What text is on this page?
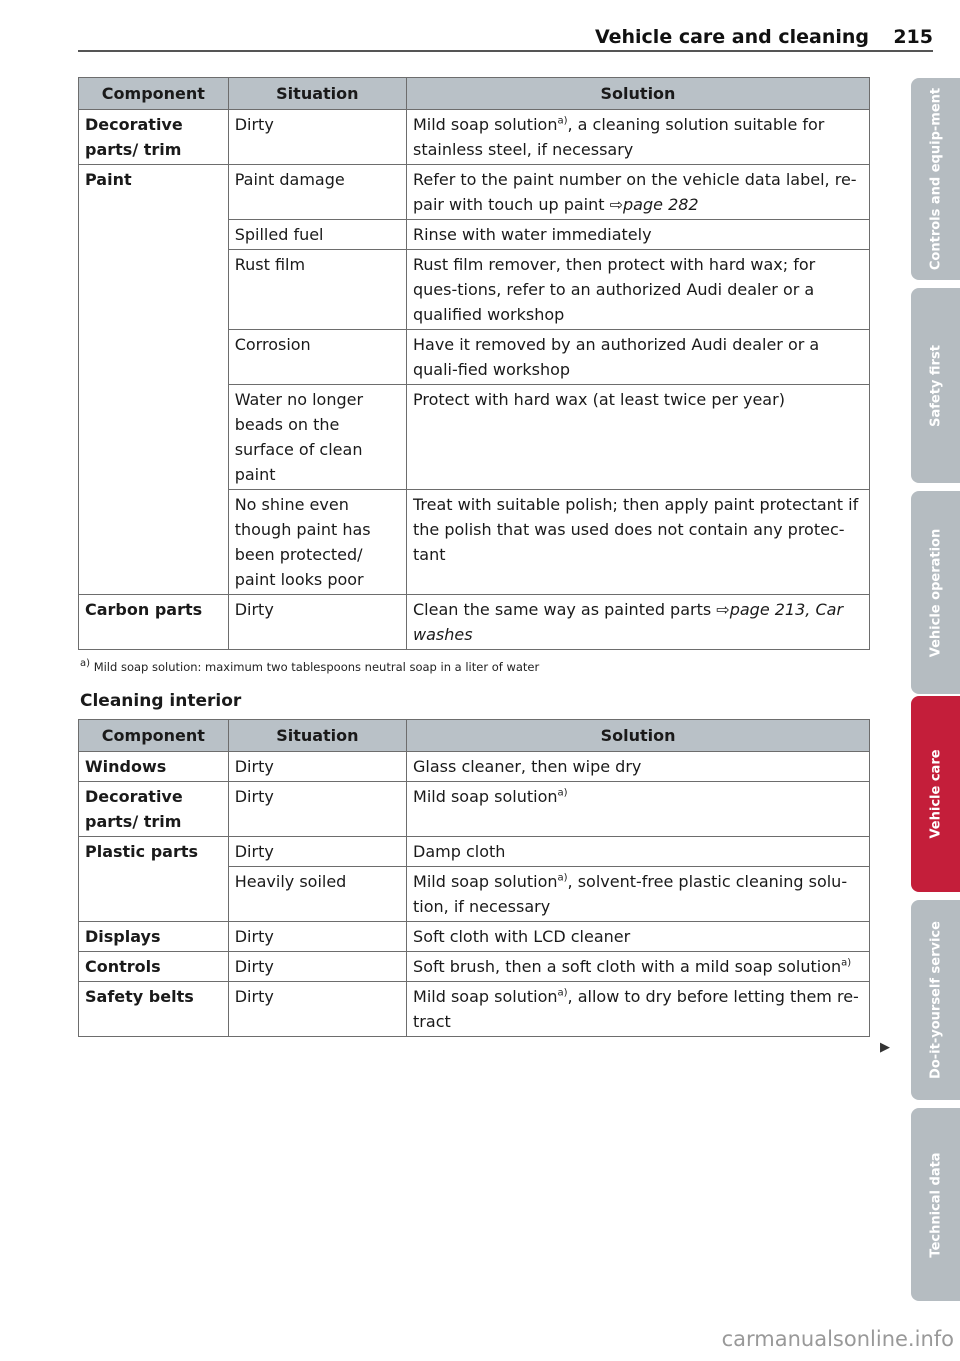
Vehicle care and cleaning 215
Component	Situation	Solution
Decorative parts/ trim	Dirty	Mild soap solution$^{a)}$, a cleaning solution suitable for stainless steel, if necessary
Paint	Paint damage	Refer to the paint number on the vehicle data label, re-pair with touch up paint ⇨page 282
	Spilled fuel	Rinse with water immediately
	Rust film	Rust film remover, then protect with hard wax; for ques-tions, refer to an authorized Audi dealer or a qualified workshop
	Corrosion	Have it removed by an authorized Audi dealer or a quali-fied workshop
	Water no longer beads on the surface of clean paint	Protect with hard wax (at least twice per year)
	No shine even though paint has been protected/ paint looks poor	Treat with suitable polish; then apply paint protectant if the polish that was used does not contain any protec-tant
Carbon parts	Dirty	Clean the same way as painted parts ⇨page 213, Car washes
a) Mild soap solution: maximum two tablespoons neutral soap in a liter of water
Cleaning interior
Component	Situation	Solution
Windows	Dirty	Glass cleaner, then wipe dry
Decorative parts/ trim	Dirty	Mild soap solution$^{a)}$
Plastic parts	Dirty	Damp cloth
	Heavily soiled	Mild soap solution$^{a)}$, solvent-free plastic cleaning solu-tion, if necessary
Displays	Dirty	Soft cloth with LCD cleaner
Controls	Dirty	Soft brush, then a soft cloth with a mild soap solution$^{a)}$
Safety belts	Dirty	Mild soap solution$^{a)}$, allow to dry before letting them re-tract
▶
Controls and equip-ment
Safety first
Vehicle operation
Vehicle care
Do-it-yourself service
Technical data
carmanualsonline.info
